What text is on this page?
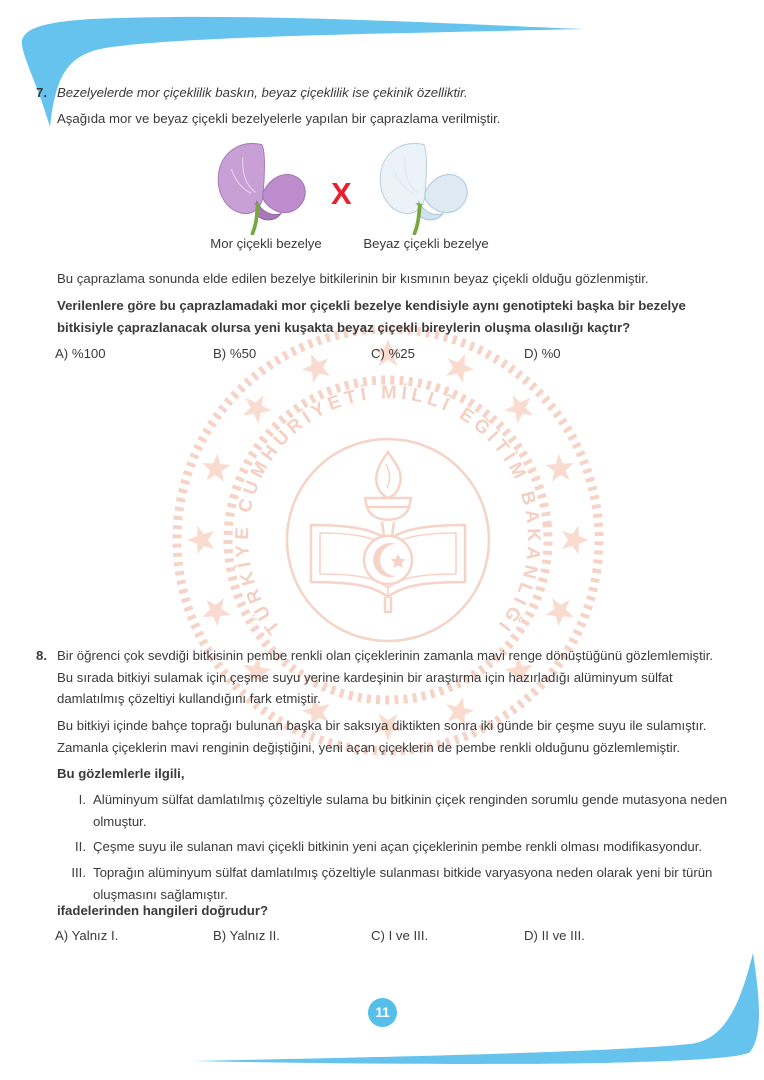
TÜRKİYE CUMHURİYETİ MİLLÎ EĞİTİM BAKANLIĞI
7. Bezelyelerde mor çiçeklilik baskın, beyaz çiçeklilik ise çekinik özelliktir.
Aşağıda mor ve beyaz çiçekli bezelyelerle yapılan bir çaprazlama verilmiştir.
X
Mor çiçekli bezelye	Beyaz çiçekli bezelye
Bu çaprazlama sonunda elde edilen bezelye bitkilerinin bir kısmının beyaz çiçekli olduğu gözlenmiştir.
Verilenlere göre bu çaprazlamadaki mor çiçekli bezelye kendisiyle aynı genotipteki başka bir bezelye bitkisiyle çaprazlanacak olursa yeni kuşakta beyaz çiçekli bireylerin oluşma olasılığı kaçtır?
A) %100	B) %50	C) %25	D) %0
8. Bir öğrenci çok sevdiği bitkisinin pembe renkli olan çiçeklerinin zamanla mavi renge dönüştüğünü gözlemlemiştir. Bu sırada bitkiyi sulamak için çeşme suyu yerine kardeşinin bir araştırma için hazırladığı alüminyum sülfat damlatılmış çözeltiyi kullandığını fark etmiştir.
Bu bitkiyi içinde bahçe toprağı bulunan başka bir saksıya diktikten sonra iki günde bir çeşme suyu ile sulamıştır. Zamanla çiçeklerin mavi renginin değiştiğini, yeni açan çiçeklerin de pembe renkli olduğunu gözlemlemiştir.
Bu gözlemlerle ilgili,
I. Alüminyum sülfat damlatılmış çözeltiyle sulama bu bitkinin çiçek renginden sorumlu gende mutasyona neden olmuştur.
II. Çeşme suyu ile sulanan mavi çiçekli bitkinin yeni açan çiçeklerinin pembe renkli olması modifikasyondur.
III. Toprağın alüminyum sülfat damlatılmış çözeltiyle sulanması bitkide varyasyona neden olarak yeni bir türün oluşmasını sağlamıştır.
ifadelerinden hangileri doğrudur?
A) Yalnız I.	B) Yalnız II.	C) I ve III.	D) II ve III.
11
